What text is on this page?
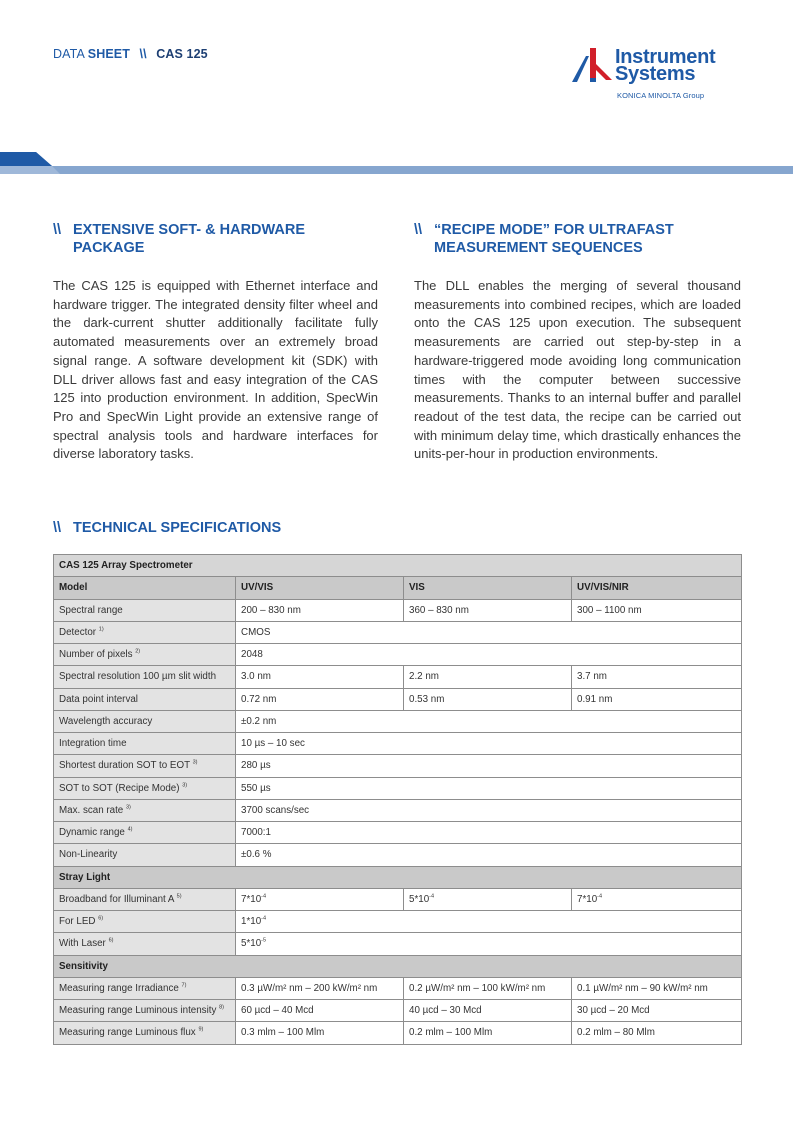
DATA SHEET \\ CAS 125	Instrument
Systems
KONICA MINOLTA Group
\\ EXTENSIVE SOFT- & HARDWARE
PACKAGE

The CAS 125 is equipped with Ethernet interface and hardware trigger. The integrated density filter wheel and the dark-current shutter additionally facilitate fully automated measurements over an extremely broad signal range. A software development kit (SDK) with DLL driver allows fast and easy integration of the CAS 125 into production environment. In addition, SpecWin Pro and SpecWin Light provide an extensive range of spectral analysis tools and hardware interfaces for diverse laboratory tasks.

\\ “RECIPE MODE” FOR ULTRAFAST
MEASUREMENT SEQUENCES

The DLL enables the merging of several thousand measurements into combined recipes, which are loaded onto the CAS 125 upon execution. The subsequent measurements are carried out step-by-step in a hardware-triggered mode avoiding long communication times with the computer between successive measurements. Thanks to an internal buffer and parallel readout of the test data, the recipe can be carried out with minimum delay time, which drastically enhances the units-per-hour in production environments.

\\ TECHNICAL SPECIFICATIONS
CAS 125 Array Spectrometer			
Model	UV/VIS	VIS	UV/VIS/NIR
Spectral range	200 – 830 nm	360 – 830 nm	300 – 1100 nm
Detector $^{1)}$	CMOS		
Number of pixels $^{2)}$	2048		
Spectral resolution 100 µm slit width	3.0 nm	2.2 nm	3.7 nm
Data point interval	0.72 nm	0.53 nm	0.91 nm
Wavelength accuracy	±0.2 nm		
Integration time	10 µs – 10 sec		
Shortest duration SOT to EOT $^{3)}$	280 µs		
SOT to SOT (Recipe Mode) $^{3)}$	550 µs		
Max. scan rate $^{3)}$	3700 scans/sec		
Dynamic range $^{4)}$	7000:1		
Non-Linearity	±0.6 %		
Stray Light			
Broadband for Illuminant A $^{5)}$	$7*10^{-4}$	$5*10^{-4}$	$7*10^{-4}$
For LED $^{6)}$	$1*10^{-4}$
With Laser $^{6)}$	$5*10^{-5}$
Sensitivity			
Measuring range Irradiance $^{7)}$	0.3 µW/m² nm – 200 kW/m² nm	0.2 µW/m² nm – 100 kW/m² nm	0.1 µW/m² nm – 90 kW/m² nm
Measuring range Luminous intensity $^{8)}$	60 µcd – 40 Mcd	40 µcd – 30 Mcd	30 µcd – 20 Mcd
Measuring range Luminous flux $^{9)}$	0.3 mlm – 100 Mlm	0.2 mlm – 100 Mlm	0.2 mlm – 80 Mlm
